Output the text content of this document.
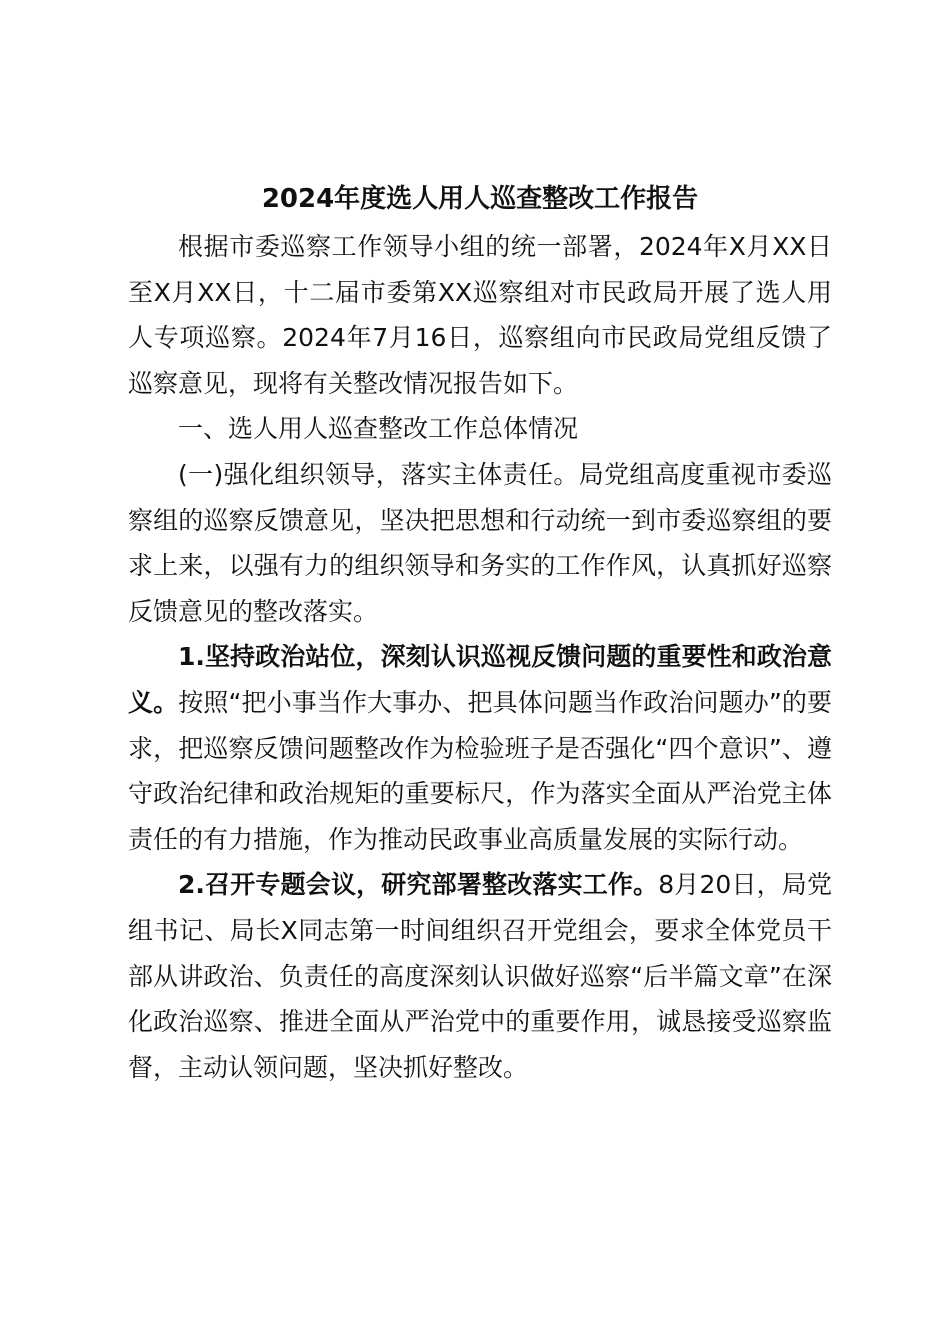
2024年度选人用人巡查整改工作报告

根据市委巡察工作领导小组的统一部署，2024年X月XX日至X月XX日，十二届市委第XX巡察组对市民政局开展了选人用人专项巡察。2024年7月16日，巡察组向市民政局党组反馈了巡察意见，现将有关整改情况报告如下。

一、选人用人巡查整改工作总体情况

(一)强化组织领导，落实主体责任。局党组高度重视市委巡察组的巡察反馈意见，坚决把思想和行动统一到市委巡察组的要求上来，以强有力的组织领导和务实的工作作风，认真抓好巡察反馈意见的整改落实。

1.坚持政治站位，深刻认识巡视反馈问题的重要性和政治意义。按照“把小事当作大事办、把具体问题当作政治问题办”的要求，把巡察反馈问题整改作为检验班子是否强化“四个意识”、遵守政治纪律和政治规矩的重要标尺，作为落实全面从严治党主体责任的有力措施，作为推动民政事业高质量发展的实际行动。

2.召开专题会议，研究部署整改落实工作。8月20日，局党组书记、局长X同志第一时间组织召开党组会，要求全体党员干部从讲政治、负责任的高度深刻认识做好巡察“后半篇文章”在深化政治巡察、推进全面从严治党中的重要作用，诚恳接受巡察监督，主动认领问题，坚决抓好整改。
